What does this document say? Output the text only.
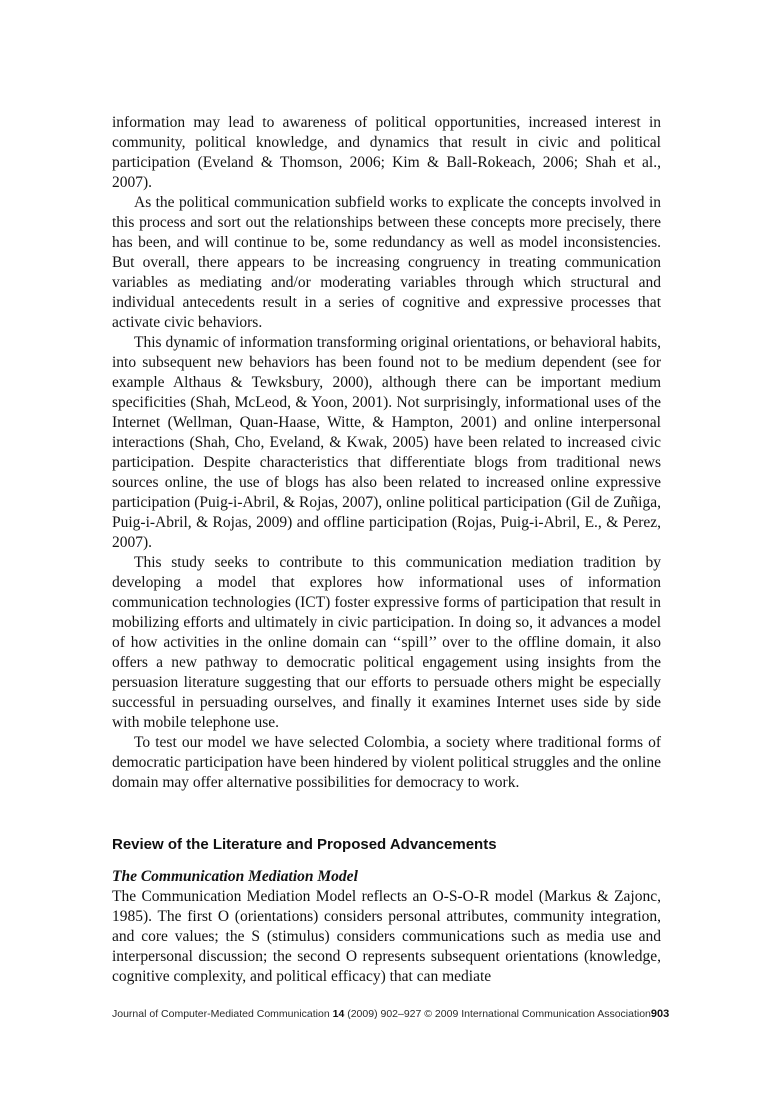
information may lead to awareness of political opportunities, increased interest in community, political knowledge, and dynamics that result in civic and political participation (Eveland & Thomson, 2006; Kim & Ball-Rokeach, 2006; Shah et al., 2007).

As the political communication subfield works to explicate the concepts involved in this process and sort out the relationships between these concepts more precisely, there has been, and will continue to be, some redundancy as well as model inconsistencies. But overall, there appears to be increasing congruency in treating communication variables as mediating and/or moderating variables through which structural and individual antecedents result in a series of cognitive and expressive processes that activate civic behaviors.

This dynamic of information transforming original orientations, or behavioral habits, into subsequent new behaviors has been found not to be medium dependent (see for example Althaus & Tewksbury, 2000), although there can be important medium specificities (Shah, McLeod, & Yoon, 2001). Not surprisingly, informational uses of the Internet (Wellman, Quan-Haase, Witte, & Hampton, 2001) and online interpersonal interactions (Shah, Cho, Eveland, & Kwak, 2005) have been related to increased civic participation. Despite characteristics that differentiate blogs from traditional news sources online, the use of blogs has also been related to increased online expressive participation (Puig-i-Abril, & Rojas, 2007), online political participation (Gil de Zuñiga, Puig-i-Abril, & Rojas, 2009) and offline participation (Rojas, Puig-i-Abril, E., & Perez, 2007).

This study seeks to contribute to this communication mediation tradition by developing a model that explores how informational uses of information communication technologies (ICT) foster expressive forms of participation that result in mobilizing efforts and ultimately in civic participation. In doing so, it advances a model of how activities in the online domain can ‘‘spill’’ over to the offline domain, it also offers a new pathway to democratic political engagement using insights from the persuasion literature suggesting that our efforts to persuade others might be especially successful in persuading ourselves, and finally it examines Internet uses side by side with mobile telephone use.

To test our model we have selected Colombia, a society where traditional forms of democratic participation have been hindered by violent political struggles and the online domain may offer alternative possibilities for democracy to work.

Review of the Literature and Proposed Advancements
The Communication Mediation Model

The Communication Mediation Model reflects an O-S-O-R model (Markus & Zajonc, 1985). The first O (orientations) considers personal attributes, community integration, and core values; the S (stimulus) considers communications such as media use and interpersonal discussion; the second O represents subsequent orientations (knowledge, cognitive complexity, and political efficacy) that can mediate

Journal of Computer-Mediated Communication 14 (2009) 902–927 © 2009 International Communication Association 903
